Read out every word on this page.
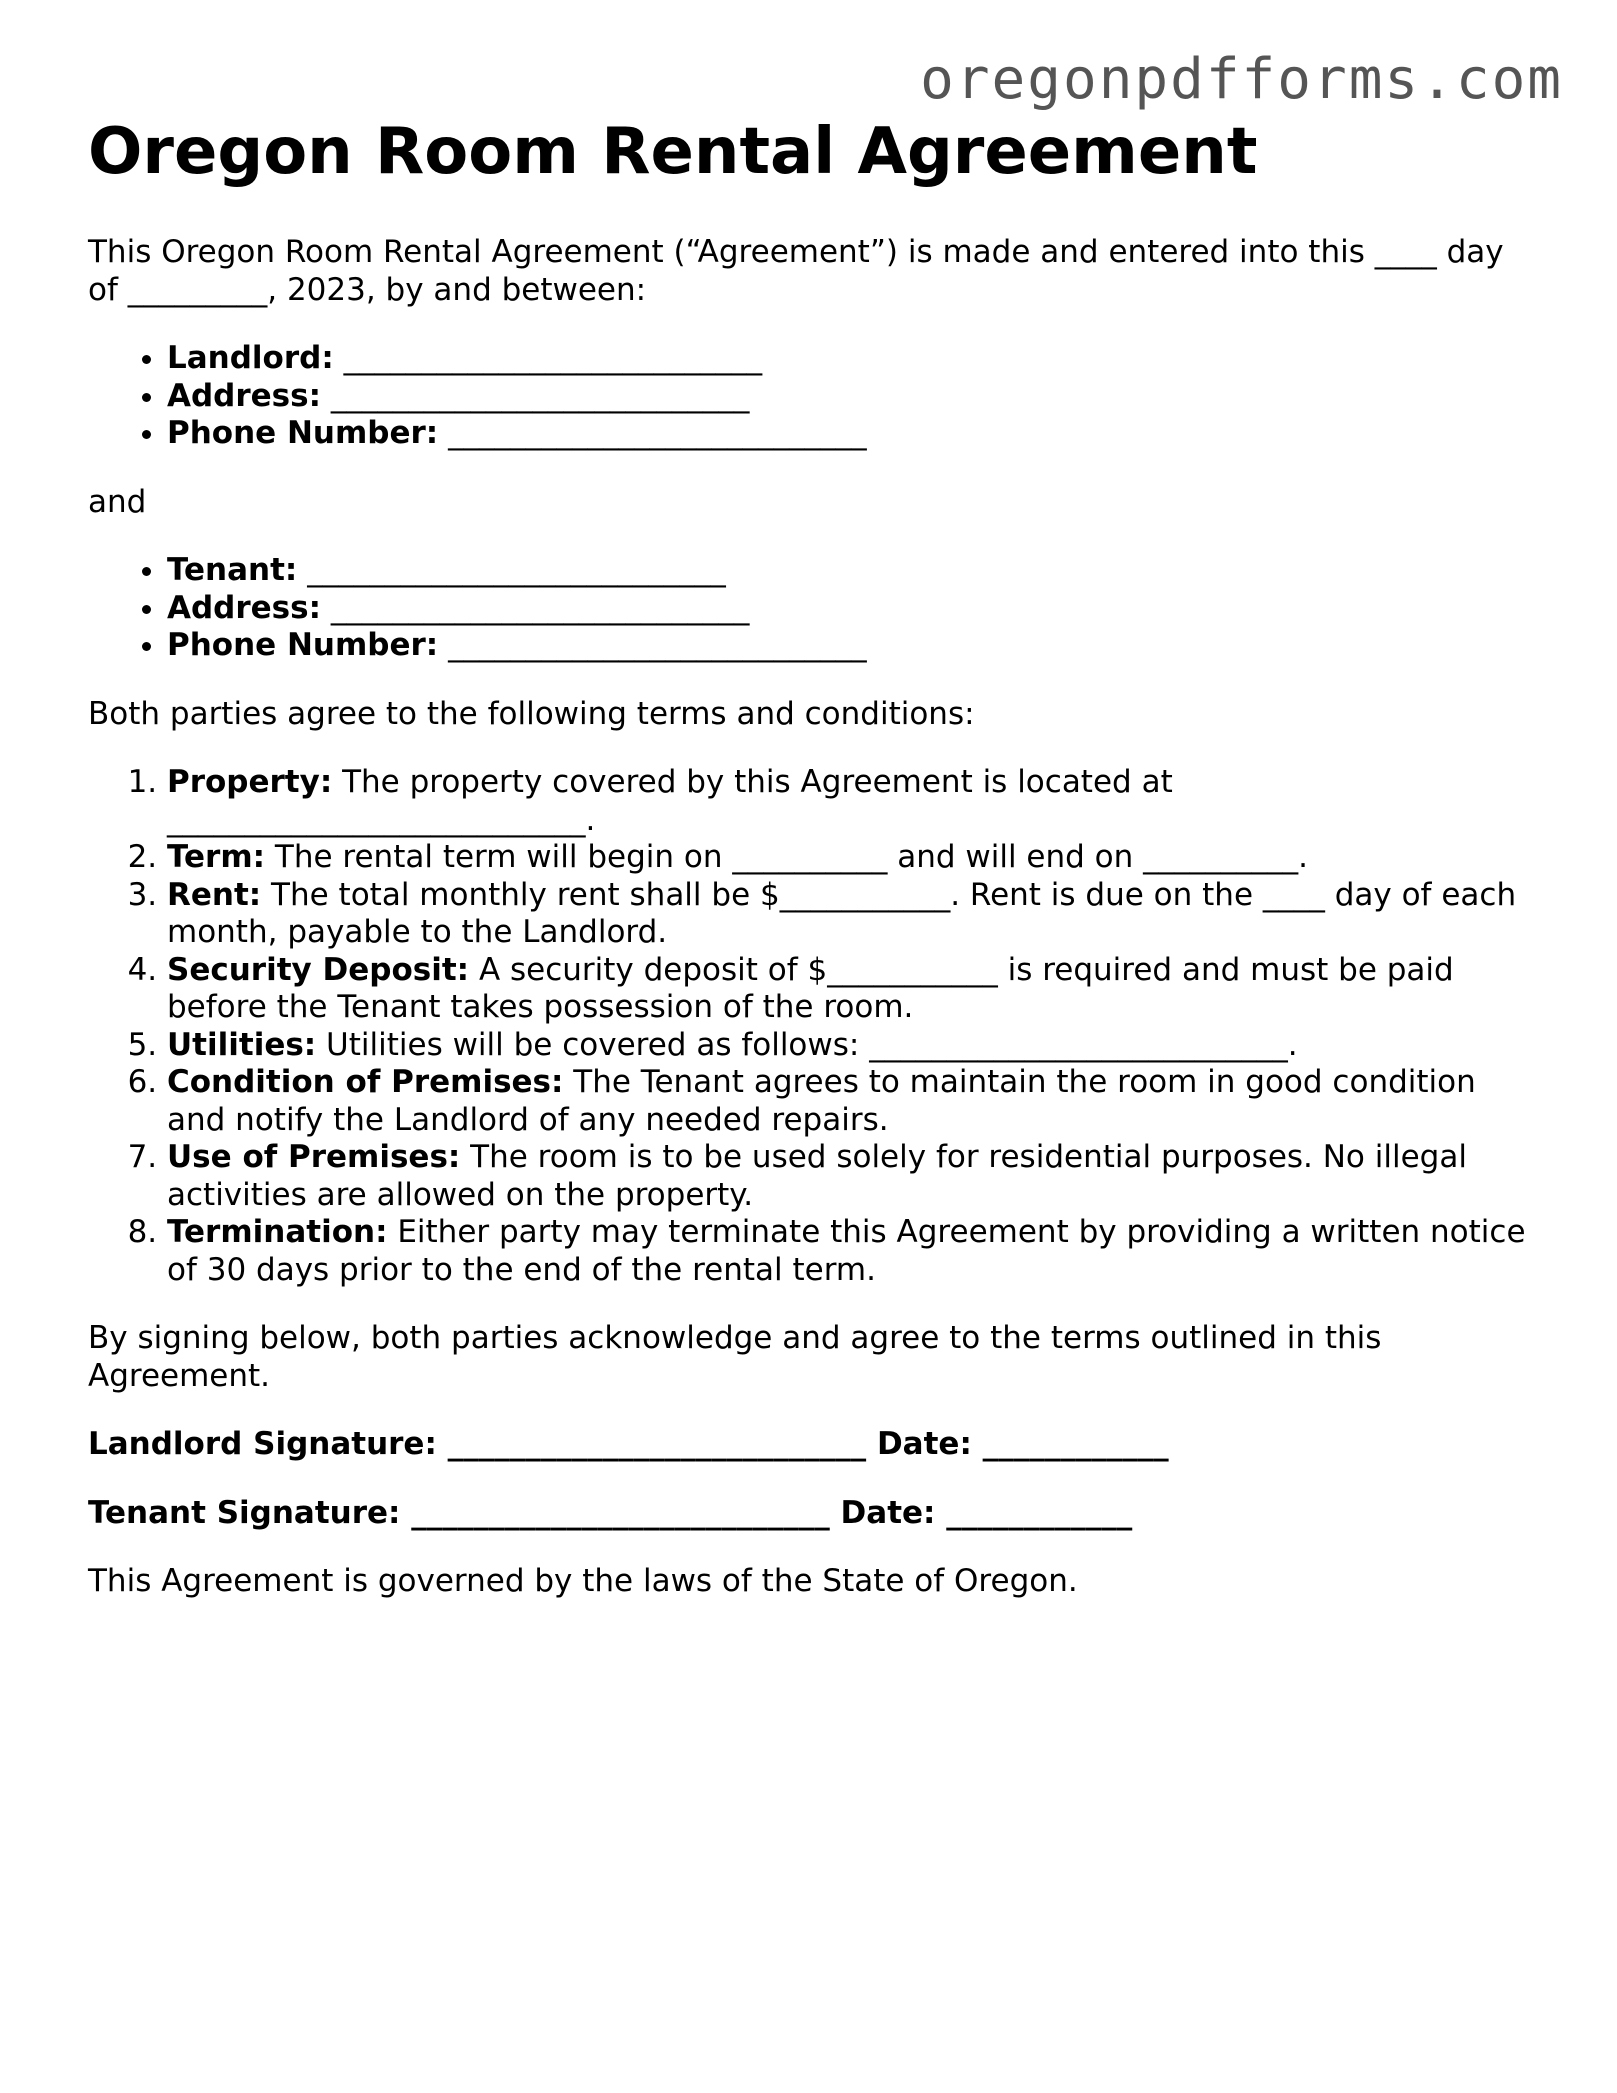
oregonpdfforms.com
Oregon Room Rental Agreement

This Oregon Room Rental Agreement (“Agreement”) is made and entered into this ____ day of _________, 2023, by and between:

• Landlord: ___________________________
• Address: ___________________________
• Phone Number: ___________________________

and

• Tenant: ___________________________
• Address: ___________________________
• Phone Number: ___________________________

Both parties agree to the following terms and conditions:

1. Property: The property covered by this Agreement is located at ___________________________.
2. Term: The rental term will begin on __________ and will end on __________.
3. Rent: The total monthly rent shall be $___________. Rent is due on the ____ day of each month, payable to the Landlord.
4. Security Deposit: A security deposit of $___________ is required and must be paid before the Tenant takes possession of the room.
5. Utilities: Utilities will be covered as follows: ___________________________.
6. Condition of Premises: The Tenant agrees to maintain the room in good condition and notify the Landlord of any needed repairs.
7. Use of Premises: The room is to be used solely for residential purposes. No illegal activities are allowed on the property.
8. Termination: Either party may terminate this Agreement by providing a written notice of 30 days prior to the end of the rental term.

By signing below, both parties acknowledge and agree to the terms outlined in this Agreement.

Landlord Signature: ___________________________ Date: ____________

Tenant Signature: ___________________________ Date: ____________

This Agreement is governed by the laws of the State of Oregon.
